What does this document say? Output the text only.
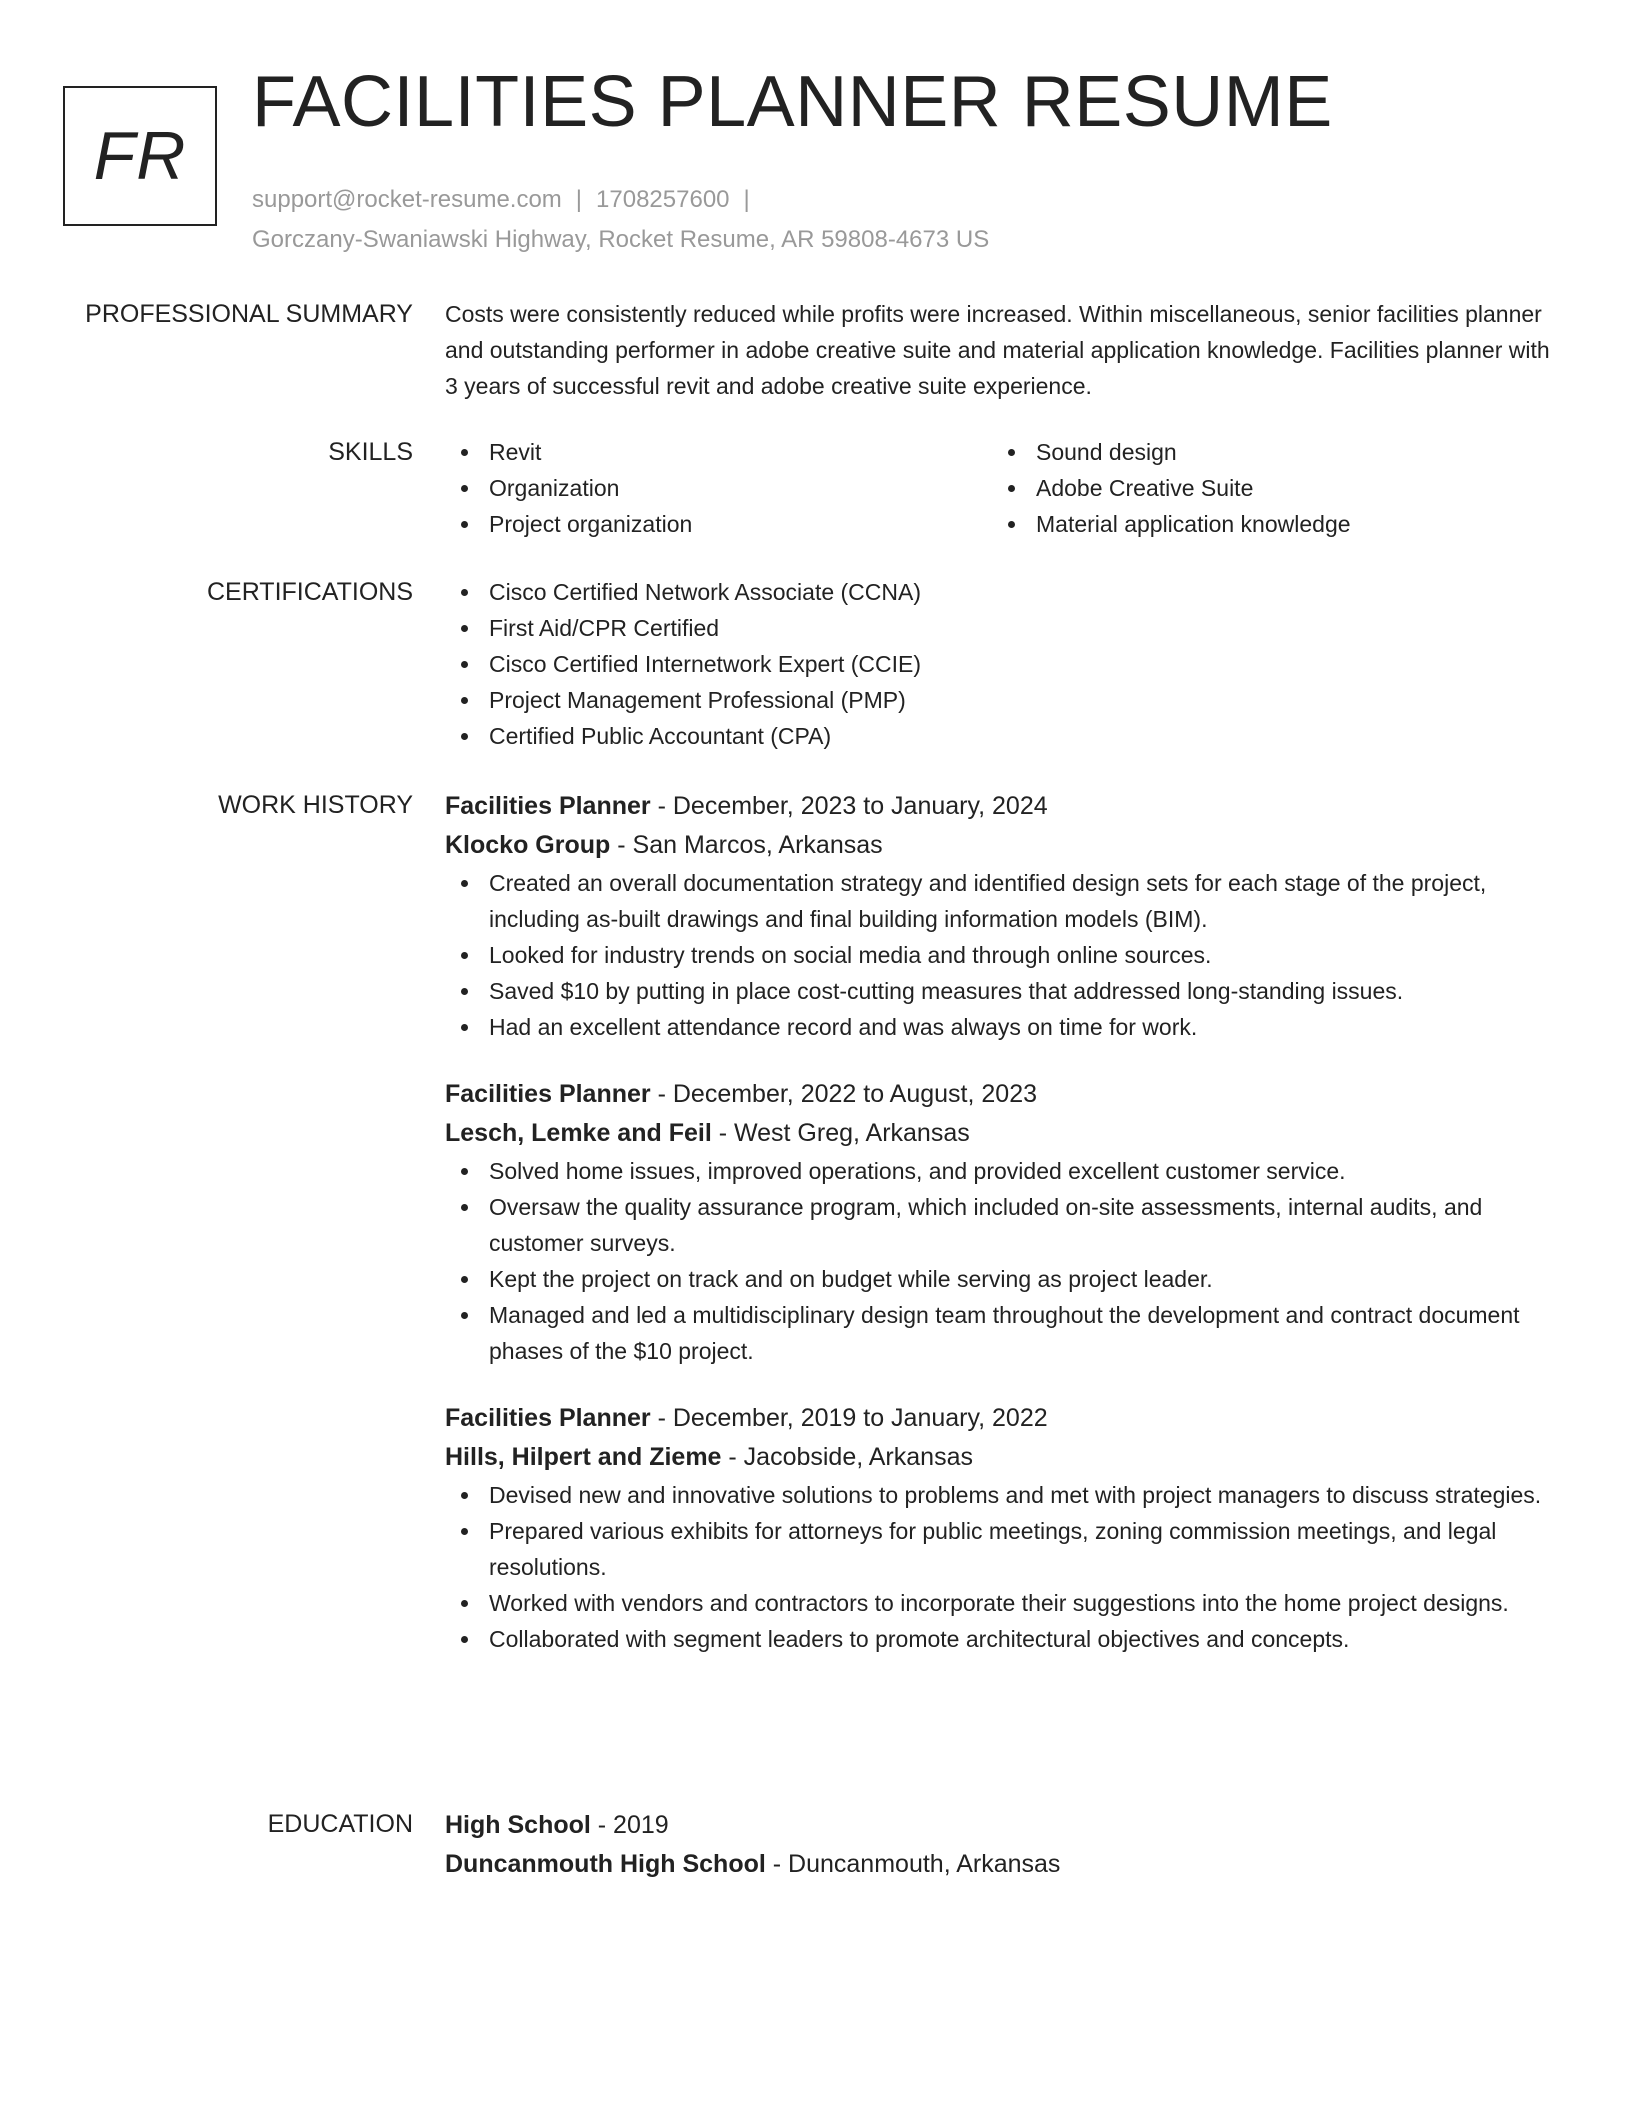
FR
FACILITIES PLANNER RESUME
support@rocket-resume.com | 1708257600 |
Gorczany-Swaniawski Highway, Rocket Resume, AR 59808-4673 US
PROFESSIONAL SUMMARY Costs were consistently reduced while profits were increased. Within miscellaneous, senior facilities planner and outstanding performer in adobe creative suite and material application knowledge. Facilities planner with 3 years of successful revit and adobe creative suite experience.

SKILLS	Revit
Organization
Project organization
Sound design
Adobe Creative Suite
Material application knowledge
CERTIFICATIONS	Cisco Certified Network Associate (CCNA)
First Aid/CPR Certified
Cisco Certified Internetwork Expert (CCIE)
Project Management Professional (PMP)
Certified Public Accountant (CPA)
WORK HISTORY Facilities Planner - December, 2023 to January, 2024
Klocko Group - San Marcos, Arkansas
Created an overall documentation strategy and identified design sets for each stage of the project, including as-built drawings and final building information models (BIM).
Looked for industry trends on social media and through online sources.
Saved $10 by putting in place cost-cutting measures that addressed long-standing issues.
Had an excellent attendance record and was always on time for work.
Facilities Planner - December, 2022 to August, 2023
Lesch, Lemke and Feil - West Greg, Arkansas
Solved home issues, improved operations, and provided excellent customer service.
Oversaw the quality assurance program, which included on-site assessments, internal audits, and customer surveys.
Kept the project on track and on budget while serving as project leader.
Managed and led a multidisciplinary design team throughout the development and contract document phases of the $10 project.
Facilities Planner - December, 2019 to January, 2022
Hills, Hilpert and Zieme - Jacobside, Arkansas
Devised new and innovative solutions to problems and met with project managers to discuss strategies.
Prepared various exhibits for attorneys for public meetings, zoning commission meetings, and legal resolutions.
Worked with vendors and contractors to incorporate their suggestions into the home project designs.
Collaborated with segment leaders to promote architectural objectives and concepts.
EDUCATION High School - 2019
Duncanmouth High School - Duncanmouth, Arkansas
